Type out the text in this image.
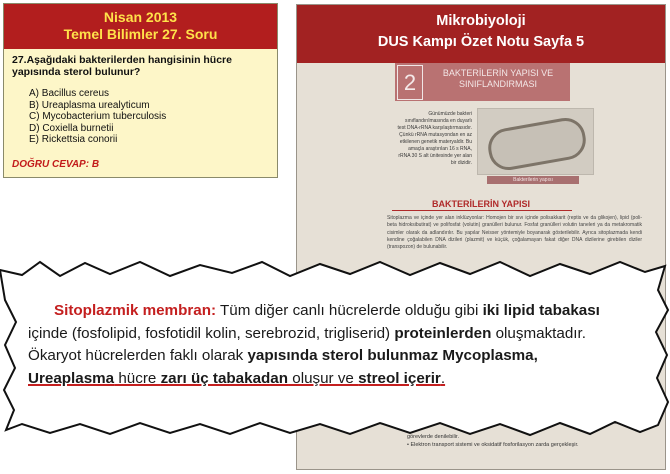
Nisan 2013
Temel Bilimler 27. Soru
27.Aşağıdaki bakterilerden hangisinin hücre yapısında sterol bulunur?
A) Bacillus cereus
B) Ureaplasma urealyticum
C) Mycobacterium tuberculosis
D) Coxiella burnetii
E) Rickettsia conorii
DOĞRU CEVAP: B
Mikrobiyoloji
DUS Kampı Özet Notu Sayfa 5
2	BAKTERİLERİN YAPISI VE SINIFLANDIRMASI
Günümüzde bakteri sınıflandırılmasında en duyarlı test DNA-rRNA karşılaştırmasıdır. Çünkü rRNA mutasyondan en az etkilenen genetik materyaldir. Bu amaçla araştırılan 16 s RNA, rRNA 30 S alt ünitesinde yer alan bir dizidir.
Bakterilerin yapısı
BAKTERİLERİN YAPISI
Sitoplazma ve içinde yer alan inklüzyonlar: Homojen bir sıvı içinde polisakkarit (reptis ve da glikojen), lipid (poli-beta hidroksibutirat) ve polifosfat (volutin) granülleri bulunur. Fosfat granülleri volutin taneleri ya da metakromatik cisimler olarak da adlandırılır. Bu yapılar Neisser yöntemiyle boyanarak gösterilebilir. Ayrıca sitoplazmada kendi kendine çoğalabilen DNA dizileri (plazmit) ve küçük, çoğalamayan fakat diğer DNA dizilerine girebilen diziler (transpozon) de bulunabilir.
görevlerde denilebilir.
• Elektron transport sistemi ve oksidatif fosforilasyon zarda gerçekleşir.
Sitoplazmik membran: Tüm diğer canlı hücrelerde olduğu gibi iki lipid tabakası
içinde (fosfolipid, fosfotidil kolin, serebrozid, trigliserid) proteinlerden oluşmaktadır.
Ökaryot hücrelerden faklı olarak yapısında sterol bulunmaz Mycoplasma,
Ureaplasma hücre zarı üç tabakadan oluşur ve streol içerir.
